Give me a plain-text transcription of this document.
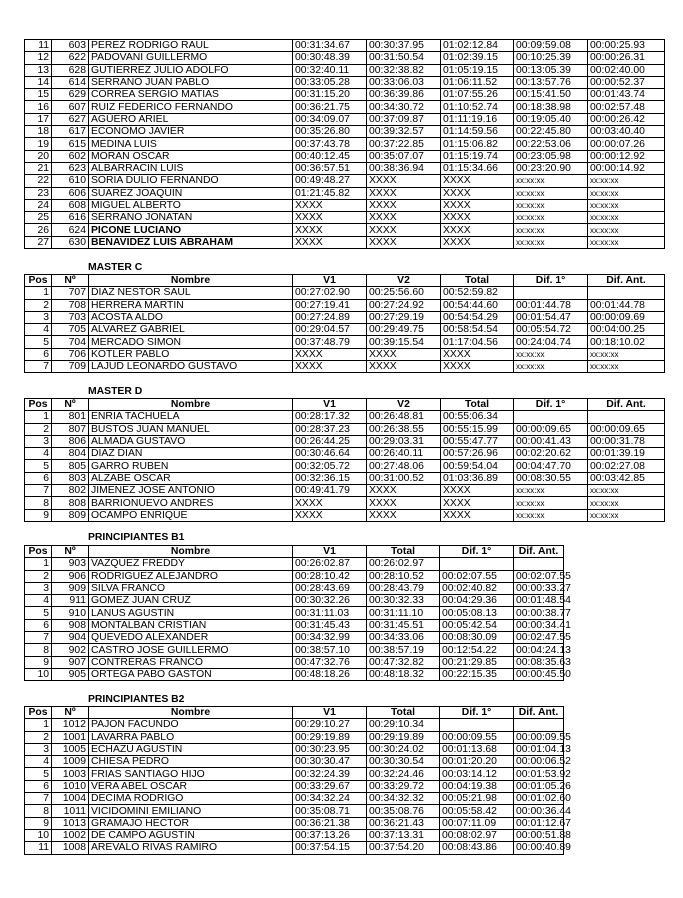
11	603	PEREZ RODRIGO RAUL	00:31:34.67	00:30:37.95	01:02:12.84	00:09:59.08	00:00:25.93
12	622	PADOVANI GUILLERMO	00:30:48.39	00:31:50.54	01:02:39.15	00:10:25.39	00:00:26.31
13	628	GUTIERREZ JULIO ADOLFO	00:32:40.11	00:32:38.82	01:05:19.15	00:13:05.39	00:02:40.00
14	614	SERRANO JUAN PABLO	00:33:05.28	00:33:06.03	01:06:11.52	00:13:57.76	00:00:52.37
15	629	CORREA SERGIO MATIAS	00:31:15.20	00:36:39.86	01:07:55.26	00:15:41.50	00:01:43.74
16	607	RUIZ FEDERICO FERNANDO	00:36:21.75	00:34:30.72	01:10:52.74	00:18:38.98	00:02:57.48
17	627	AGÜERO ARIEL	00:34:09.07	00:37:09.87	01:11:19.16	00:19:05.40	00:00:26.42
18	617	ECONOMO JAVIER	00:35:26.80	00:39:32.57	01:14:59.56	00:22:45.80	00:03:40.40
19	615	MEDINA LUIS	00:37:43.78	00:37:22.85	01:15:06.82	00:22:53.06	00:00:07.26
20	602	MORAN OSCAR	00:40:12.45	00:35:07.07	01:15:19.74	00:23:05.98	00:00:12.92
21	623	ALBARRACIN LUIS	00:36:57.51	00:38:36.94	01:15:34.66	00:23:20.90	00:00:14.92
22	610	SORIA DULIO FERNANDO	00:49:48.27	XXXX	XXXX	xx:xx:xx	xx:xx:xx
23	606	SUAREZ JOAQUIN	01:21:45.82	XXXX	XXXX	xx:xx:xx	xx:xx:xx
24	608	MIGUEL ALBERTO	XXXX	XXXX	XXXX	xx:xx:xx	xx:xx:xx
25	616	SERRANO JONATAN	XXXX	XXXX	XXXX	xx:xx:xx	xx:xx:xx
26	624	PICONE LUCIANO	XXXX	XXXX	XXXX	xx:xx:xx	xx:xx:xx
27	630	BENAVIDEZ LUIS ABRAHAM	XXXX	XXXX	XXXX	xx:xx:xx	xx:xx:xx
MASTER C
Pos	Nº	Nombre	V1	V2	Total	Dif. 1°	Dif. Ant.
1	707	DIAZ NESTOR SAUL	00:27:02.90	00:25:56.60	00:52:59.82		
2	708	HERRERA MARTIN	00:27:19.41	00:27:24.92	00:54:44.60	00:01:44.78	00:01:44.78
3	703	ACOSTA ALDO	00:27:24.89	00:27:29.19	00:54:54.29	00:01:54.47	00:00:09.69
4	705	ALVAREZ GABRIEL	00:29:04.57	00:29:49.75	00:58:54.54	00:05:54.72	00:04:00.25
5	704	MERCADO SIMON	00:37:48.79	00:39:15.54	01:17:04.56	00:24:04.74	00:18:10.02
6	706	KOTLER PABLO	XXXX	XXXX	XXXX	xx:xx:xx	xx:xx:xx
7	709	LAJUD LEONARDO GUSTAVO	XXXX	XXXX	XXXX	xx:xx:xx	xx:xx:xx
MASTER D
Pos	Nº	Nombre	V1	V2	Total	Dif. 1°	Dif. Ant.
1	801	ENRIA TACHUELA	00:28:17.32	00:26:48.81	00:55:06.34		
2	807	BUSTOS JUAN MANUEL	00:28:37.23	00:26:38.55	00:55:15.99	00:00:09.65	00:00:09.65
3	806	ALMADA GUSTAVO	00:26:44.25	00:29:03.31	00:55:47.77	00:00:41.43	00:00:31.78
4	804	DIAZ DIAN	00:30:46.64	00:26:40.11	00:57:26.96	00:02:20.62	00:01:39.19
5	805	GARRO RUBEN	00:32:05.72	00:27:48.06	00:59:54.04	00:04:47.70	00:02:27.08
6	803	ALZABE OSCAR	00:32:36.15	00:31:00.52	01:03:36.89	00:08:30.55	00:03:42.85
7	802	JIMENEZ JOSE ANTONIO	00:49:41.79	XXXX	XXXX	xx:xx:xx	xx:xx:xx
8	808	BARRIONUEVO ANDRES	XXXX	XXXX	XXXX	xx:xx:xx	xx:xx:xx
9	809	OCAMPO ENRIQUE	XXXX	XXXX	XXXX	xx:xx:xx	xx:xx:xx
PRINCIPIANTES B1
Pos	Nº	Nombre	V1	Total	Dif. 1°	Dif. Ant.
1	903	VAZQUEZ FREDDY	00:26:02.87	00:26:02.97		
2	906	RODRIGUEZ ALEJANDRO	00:28:10.42	00:28:10.52	00:02:07.55	00:02:07.55
3	909	SILVA FRANCO	00:28:43.69	00:28:43.79	00:02:40.82	00:00:33.27
4	911	GOMEZ JUAN CRUZ	00:30:32.26	00:30:32.33	00:04:29.36	00:01:48.54
5	910	LANUS AGUSTIN	00:31:11.03	00:31:11.10	00:05:08.13	00:00:38.77
6	908	MONTALBAN CRISTIAN	00:31:45.43	00:31:45.51	00:05:42.54	00:00:34.41
7	904	QUEVEDO ALEXANDER	00:34:32.99	00:34:33.06	00:08:30.09	00:02:47.55
8	902	CASTRO JOSE GUILLERMO	00:38:57.10	00:38:57.19	00:12:54.22	00:04:24.13
9	907	CONTRERAS FRANCO	00:47:32.76	00:47:32.82	00:21:29.85	00:08:35.63
10	905	ORTEGA PABO GASTON	00:48:18.26	00:48:18.32	00:22:15.35	00:00:45.50
PRINCIPIANTES B2
Pos	Nº	Nombre	V1	Total	Dif. 1°	Dif. Ant.
1	1012	PAJON FACUNDO	00:29:10.27	00:29:10.34		
2	1001	LAVARRA PABLO	00:29:19.89	00:29:19.89	00:00:09.55	00:00:09.55
3	1005	ECHAZU AGUSTIN	00:30:23.95	00:30:24.02	00:01:13.68	00:01:04.13
4	1009	CHIESA PEDRO	00:30:30.47	00:30:30.54	00:01:20.20	00:00:06.52
5	1003	FRIAS SANTIAGO HIJO	00:32:24.39	00:32:24.46	00:03:14.12	00:01:53.92
6	1010	VERA ABEL OSCAR	00:33:29.67	00:33:29.72	00:04:19.38	00:01:05.26
7	1004	DECIMA RODRIGO	00:34:32.24	00:34:32.32	00:05:21.98	00:01:02.60
8	1011	VICIDOMINI EMILIANO	00:35:08.71	00:35:08.76	00:05:58.42	00:00:36.44
9	1013	GRAMAJO HECTOR	00:36:21.38	00:36:21.43	00:07:11.09	00:01:12.67
10	1002	DE CAMPO AGUSTIN	00:37:13.26	00:37:13.31	00:08:02.97	00:00:51.88
11	1008	AREVALO RIVAS RAMIRO	00:37:54.15	00:37:54.20	00:08:43.86	00:00:40.89
